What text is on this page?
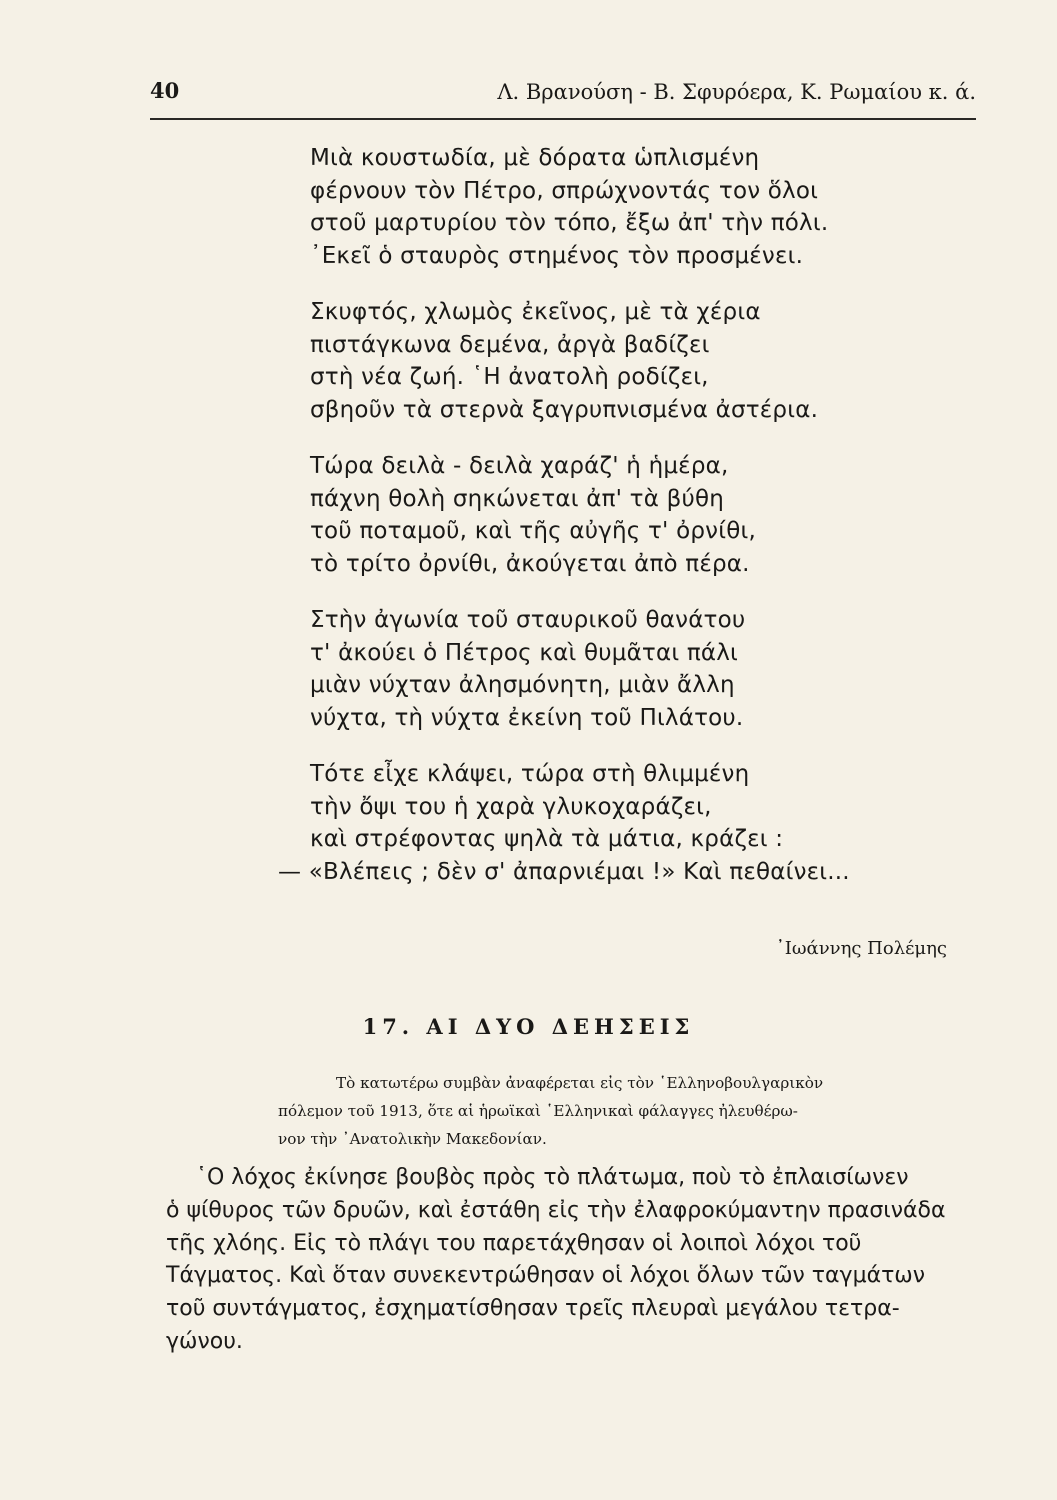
40	Λ. Βρανούση - Β. Σφυρόερα, Κ. Ρωμαίου κ. ά.
Μιὰ κουστωδία, μὲ δόρατα ὡπλισμένη
φέρνουν τὸν Πέτρο, σπρώχνοντάς τον ὅλοι
στοῦ μαρτυρίου τὸν τόπο, ἔξω ἀπ' τὴν πόλι.
᾿Εκεῖ ὁ σταυρὸς στημένος τὸν προσμένει.
Σκυφτός, χλωμὸς ἐκεῖνος, μὲ τὰ χέρια
πιστάγκωνα δεμένα, ἀργὰ βαδίζει
στὴ νέα ζωή. ῾Η ἀνατολὴ ροδίζει,
σβηοῦν τὰ στερνὰ ξαγρυπνισμένα ἀστέρια.
Τώρα δειλὰ - δειλὰ χαράζ' ἡ ἡμέρα,
πάχνη θολὴ σηκώνεται ἀπ' τὰ βύθη
τοῦ ποταμοῦ, καὶ τῆς αὐγῆς τ' ὀρνίθι,
τὸ τρίτο ὀρνίθι, ἀκούγεται ἀπὸ πέρα.
Στὴν ἀγωνία τοῦ σταυρικοῦ θανάτου
τ' ἀκούει ὁ Πέτρος καὶ θυμᾶται πάλι
μιὰν νύχταν ἀλησμόνητη, μιὰν ἄλλη
νύχτα, τὴ νύχτα ἐκείνη τοῦ Πιλάτου.
Τότε εἶχε κλάψει, τώρα στὴ θλιμμένη
τὴν ὄψι του ἡ χαρὰ γλυκοχαράζει,
καὶ στρέφοντας ψηλὰ τὰ μάτια, κράζει :
— «Βλέπεις ; δὲν σ' ἀπαρνιέμαι !» Καὶ πεθαίνει...
᾿Ιωάννης Πολέμης
17. ΑΙ ΔΥΟ ΔΕΗΣΕΙΣ
Τὸ κατωτέρω συμβὰν ἀναφέρεται εἰς τὸν ῾Ελληνοβουλγαρικὸν
πόλεμον τοῦ 1913, ὅτε αἱ ἡρωϊκαὶ ῾Ελληνικαὶ φάλαγγες ἠλευθέρω-
νον τὴν ᾿Ανατολικὴν Μακεδονίαν.
῾Ο λόχος ἐκίνησε βουβὸς πρὸς τὸ πλάτωμα, ποὺ τὸ ἐπλαισίωνεν
ὁ ψίθυρος τῶν δρυῶν, καὶ ἐστάθη εἰς τὴν ἐλαφροκύμαντην πρασινάδα
τῆς χλόης. Εἰς τὸ πλάγι του παρετάχθησαν οἱ λοιποὶ λόχοι τοῦ
Τάγματος. Καὶ ὅταν συνεκεντρώθησαν οἱ λόχοι ὅλων τῶν ταγμάτων
τοῦ συντάγματος, ἐσχηματίσθησαν τρεῖς πλευραὶ μεγάλου τετρα-
γώνου.
